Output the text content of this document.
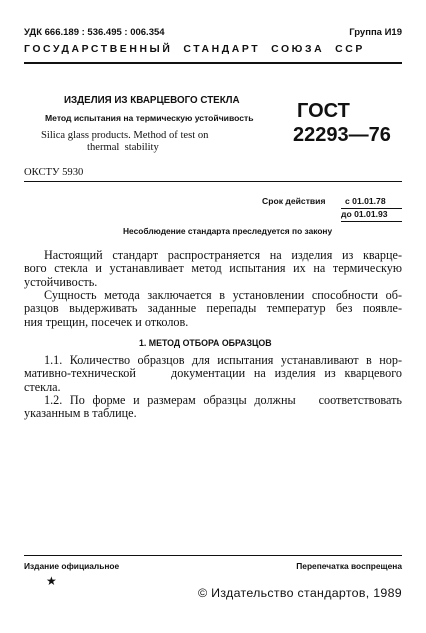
УДК 666.189 : 536.495 : 006.354	Группа И19
ГОСУДАРСТВЕННЫЙ  СТАНДАРТ  СОЮЗА  ССР
ИЗДЕЛИЯ ИЗ КВАРЦЕВОГО СТЕКЛА
Метод испытания на термическую устойчивость
Silica glass products. Method of test on
thermal  stability
ГОСТ
22293—76
ОКСТУ 5930
Срок действия с 01.01.78
до 01.01.93
Несоблюдение стандарта преследуется по закону
Настоящий стандарт распространяется на изделия из кварце-
вого стекла и устанавливает метод испытания их на термическую
устойчивость.
Сущность метода заключается в установлении способности об-
разцов выдерживать заданные перепады температур без появле-
ния трещин, посечек и отколов.
1. МЕТОД ОТБОРА ОБРАЗЦОВ
1.1. Количество образцов для испытания устанавливают в нор-
мативно-технической    документации на изделия из кварцевого
стекла.
1.2. По форме и размерам образцы должны   соответствовать
указанным в таблице.
Издание официальное	Перепечатка воспрещена
★
© Издательство стандартов, 1989
